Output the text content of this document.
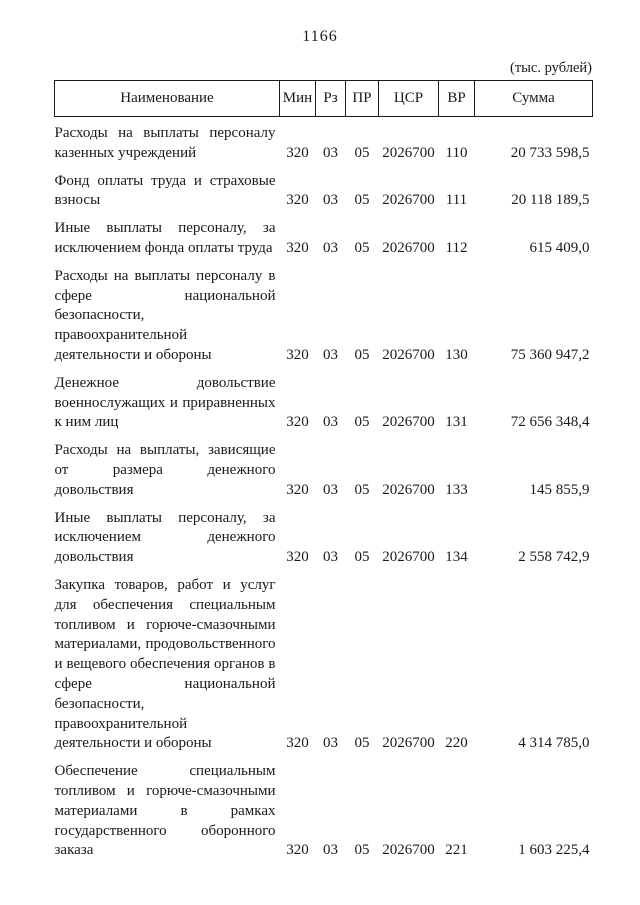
1166
(тыс. рублей)
Наименование	Мин	Рз	ПР	ЦСР	ВР	Сумма
Расходы на выплаты персоналу казенных учреждений	320	03	05	2026700	110	20 733 598,5
Фонд оплаты труда и страховые взносы	320	03	05	2026700	111	20 118 189,5
Иные выплаты персоналу, за исключением фонда оплаты труда	320	03	05	2026700	112	615 409,0
Расходы на выплаты персоналу в сфере национальной безопасности, правоохранительной деятельности и обороны	320	03	05	2026700	130	75 360 947,2
Денежное довольствие военнослужащих и приравненных к ним лиц	320	03	05	2026700	131	72 656 348,4
Расходы на выплаты, зависящие от размера денежного довольствия	320	03	05	2026700	133	145 855,9
Иные выплаты персоналу, за исключением денежного довольствия	320	03	05	2026700	134	2 558 742,9
Закупка товаров, работ и услуг для обеспечения специальным топливом и горюче-смазочными материалами, продовольственного и вещевого обеспечения органов в сфере национальной безопасности, правоохранительной деятельности и обороны	320	03	05	2026700	220	4 314 785,0
Обеспечение специальным топливом и горюче-смазочными материалами в рамках государственного оборонного заказа	320	03	05	2026700	221	1 603 225,4
